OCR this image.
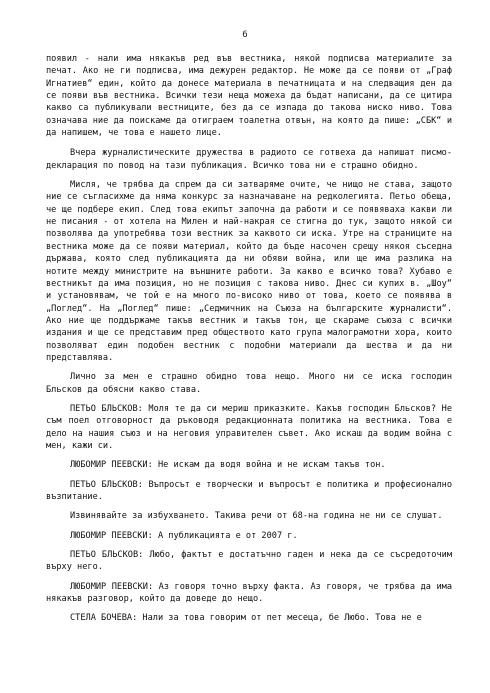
6

появил - нали има някакъв ред във вестника, някой подписва материалите за печат. Ако не ги подписва, има дежурен редактор. Не може да се появи от „Граф Игнатиев“ един, който да донесе материала в печатницата и на следващия ден да се появи във вестника. Всички тези неща можеха да бъдат написани, да се цитира какво са публикували вестниците, без да се изпада до такова ниско ниво. Това означава ние да поискаме да отиграем тоалетна отвън, на която да пише: „СБК“ и да напишем, че това е нашето лице.

Вчера журналистическите дружества в радиото се готвеха да напишат писмо-декларация по повод на тази публикация. Всичко това ни е страшно обидно.

Мисля, че трябва да спрем да си затваряме очите, че нищо не става, защото ние се съгласихме да няма конкурс за назначаване на редколегията. Петьо обеща, че ще подбере екип. След това екипът започна да работи и се появяваха какви ли не писания - от хотела на Милен и най-накрая се стигна до тук, защото някой си позволява да употребява този вестник за каквото си иска. Утре на страниците на вестника може да се появи материал, който да бъде насочен срещу някоя съседна държава, която след публикацията да ни обяви война, или ще има разлика на нотите между министрите на външните работи. За какво е всичко това? Хубаво е вестникът да има позиция, но не позиция с такова ниво. Днес си купих в. „Шоу“ и установявам, че той е на много по-високо ниво от това, което се появява в „Поглед“. На „Поглед“ пише: „Седмичник на Съюза на българските журналисти“. Ако ние ще поддържаме такъв вестник и такъв тон, ще скараме съюза с всички издания и ще се представим пред обществото като група малограмотни хора, които позволяват един подобен вестник с подобни материали да шества и да ни представлява.

Лично за мен е страшно обидно това нещо. Много ни се иска господин Бльсков да обясни какво става.

ПЕТЬО БЛЬСКОВ: Моля те да си мериш приказките. Какъв господин Бльсков? Не съм поел отговорност да ръководя редакционната политика на вестника. Това е дело на нашия съюз и на неговия управителен съвет. Ако искаш да водим война с мен, кажи си.

ЛЮБОМИР ПЕЕВСКИ: Не искам да водя война и не искам такъв тон.

ПЕТЬО БЛЬСКОВ: Въпросът е творчески и въпросът е политика и професионално възпитание.

Извинявайте за избухването. Такива речи от 68-на година не ни се слушат.

ЛЮБОМИР ПЕЕВСКИ: А публикацията е от 2007 г.

ПЕТЬО БЛЬСКОВ: Любо, фактът е достатъчно гаден и нека да се съсредоточим върху него.

ЛЮБОМИР ПЕЕВСКИ: Аз говоря точно върху факта. Аз говоря, че трябва да има някакъв разговор, който да доведе до нещо.

СТЕЛА БОЧЕВА: Нали за това говорим от пет месеца, бе Любо. Това не е
